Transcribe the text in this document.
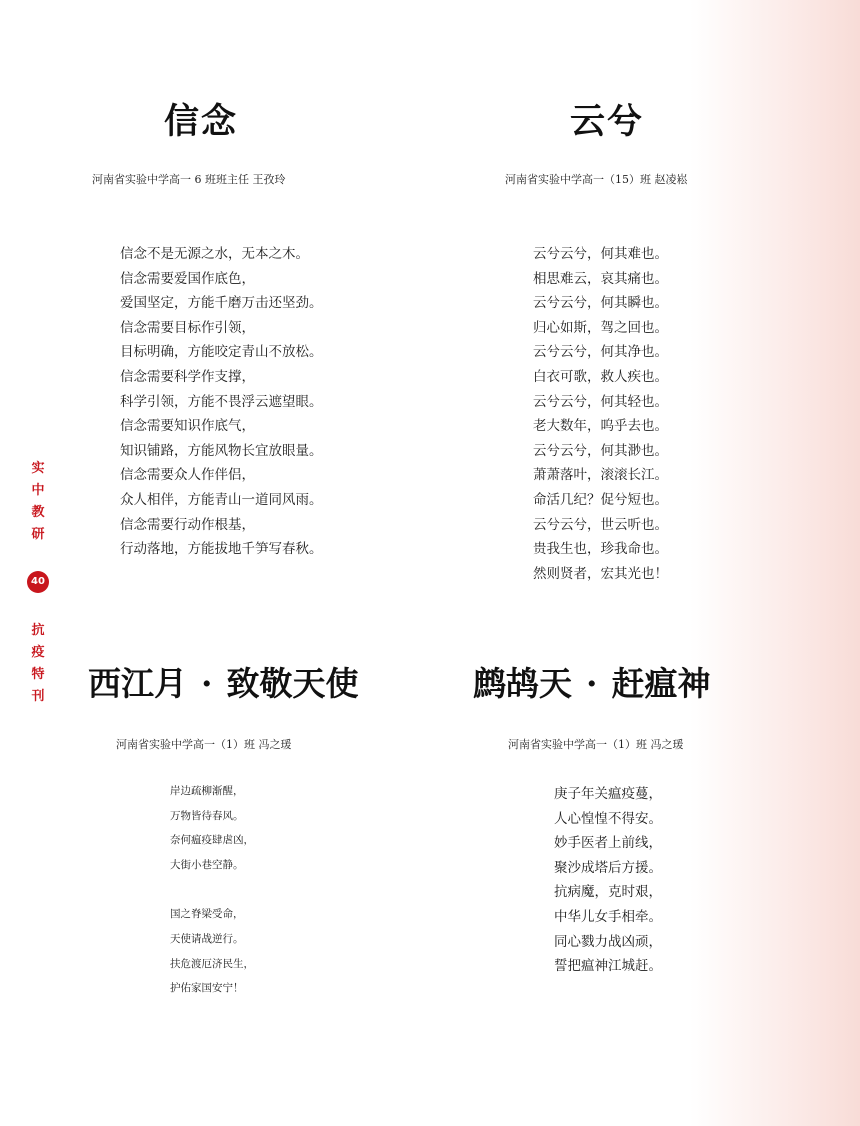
实
中
教
研
40
抗
疫
特
刊
信念
河南省实验中学高一 6 班班主任 王孜玲
信念不是无源之水，无本之木。
信念需要爱国作底色，
爱国坚定，方能千磨万击还坚劲。
信念需要目标作引领，
目标明确，方能咬定青山不放松。
信念需要科学作支撑，
科学引领，方能不畏浮云遮望眼。
信念需要知识作底气，
知识铺路，方能风物长宜放眼量。
信念需要众人作伴侣，
众人相伴，方能青山一道同风雨。
信念需要行动作根基，
行动落地，方能拔地千笋写春秋。
云兮
河南省实验中学高一（15）班 赵凌崧
云兮云兮，何其难也。
相思难云，哀其痛也。
云兮云兮，何其瞬也。
归心如斯，驾之回也。
云兮云兮，何其净也。
白衣可歌，救人疾也。
云兮云兮，何其轻也。
老大数年，呜乎去也。
云兮云兮，何其渺也。
萧萧落叶，滚滚长江。
命活几纪？促兮短也。
云兮云兮，世云听也。
贵我生也，珍我命也。
然则贤者，宏其光也！
西江月 · 致敬天使
河南省实验中学高一（1）班 冯之瑗
岸边疏柳渐醒，
万物皆待春风。
奈何瘟疫肆虐凶，
大街小巷空静。
国之脊梁受命，
天使请战逆行。
扶危渡厄济民生，
护佑家国安宁！
鹧鸪天 · 赶瘟神
河南省实验中学高一（1）班 冯之瑗
庚子年关瘟疫蔓，
人心惶惶不得安。
妙手医者上前线，
聚沙成塔后方援。
抗病魔，克时艰，
中华儿女手相牵。
同心戮力战凶顽，
誓把瘟神江城赶。
